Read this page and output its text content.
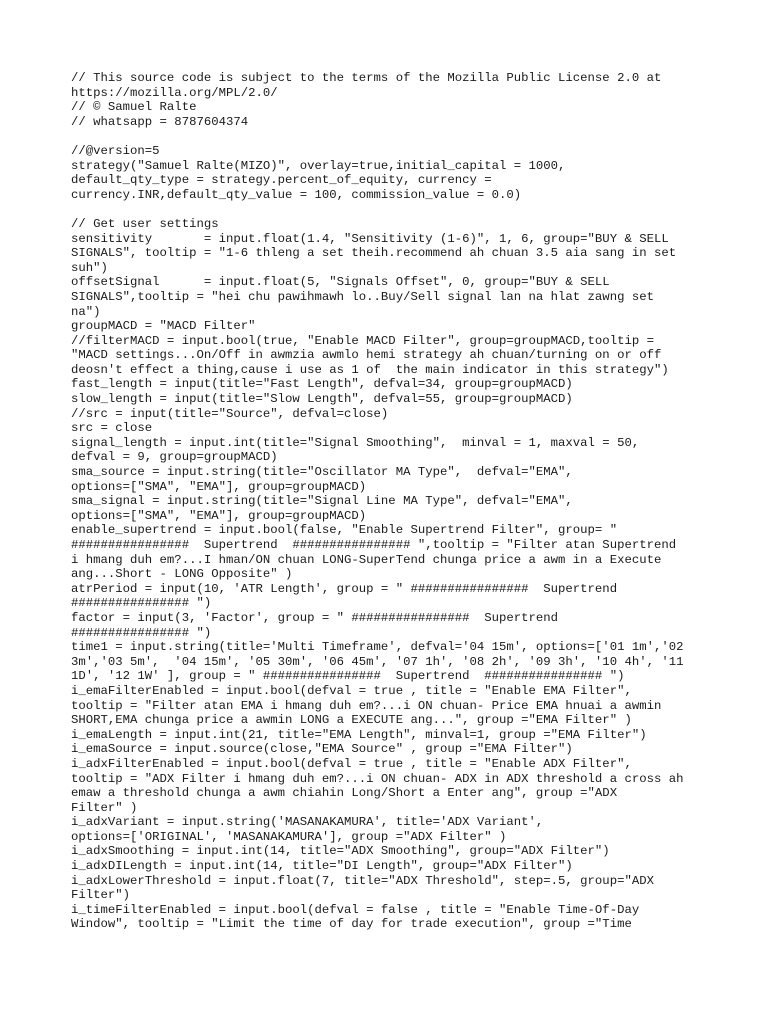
// This source code is subject to the terms of the Mozilla Public License 2.0 at
https://mozilla.org/MPL/2.0/
// © Samuel Ralte
// whatsapp = 8787604374
//@version=5
strategy("Samuel Ralte(MIZO)", overlay=true,initial_capital = 1000,
default_qty_type = strategy.percent_of_equity, currency =
currency.INR,default_qty_value = 100, commission_value = 0.0)
// Get user settings
sensitivity       = input.float(1.4, "Sensitivity (1-6)", 1, 6, group="BUY & SELL
SIGNALS", tooltip = "1-6 thleng a set theih.recommend ah chuan 3.5 aia sang in set
suh")
offsetSignal      = input.float(5, "Signals Offset", 0, group="BUY & SELL
SIGNALS",tooltip = "hei chu pawihmawh lo..Buy/Sell signal lan na hlat zawng set
na")
groupMACD = "MACD Filter"
//filterMACD = input.bool(true, "Enable MACD Filter", group=groupMACD,tooltip =
"MACD settings...On/Off in awmzia awmlo hemi strategy ah chuan/turning on or off
deosn't effect a thing,cause i use as 1 of  the main indicator in this strategy")
fast_length = input(title="Fast Length", defval=34, group=groupMACD)
slow_length = input(title="Slow Length", defval=55, group=groupMACD)
//src = input(title="Source", defval=close)
src = close
signal_length = input.int(title="Signal Smoothing",  minval = 1, maxval = 50,
defval = 9, group=groupMACD)
sma_source = input.string(title="Oscillator MA Type",  defval="EMA",
options=["SMA", "EMA"], group=groupMACD)
sma_signal = input.string(title="Signal Line MA Type", defval="EMA",
options=["SMA", "EMA"], group=groupMACD)
enable_supertrend = input.bool(false, "Enable Supertrend Filter", group= "
################  Supertrend  ################ ",tooltip = "Filter atan Supertrend
i hmang duh em?...I hman/ON chuan LONG-SuperTend chunga price a awm in a Execute
ang...Short - LONG Opposite" )
atrPeriod = input(10, 'ATR Length', group = " ################  Supertrend
################ ")
factor = input(3, 'Factor', group = " ################  Supertrend
################ ")
time1 = input.string(title='Multi Timeframe', defval='04 15m', options=['01 1m','02
3m','03 5m',  '04 15m', '05 30m', '06 45m', '07 1h', '08 2h', '09 3h', '10 4h', '11
1D', '12 1W' ], group = " ################  Supertrend  ################ ")
i_emaFilterEnabled = input.bool(defval = true , title = "Enable EMA Filter",
tooltip = "Filter atan EMA i hmang duh em?...i ON chuan- Price EMA hnuai a awmin
SHORT,EMA chunga price a awmin LONG a EXECUTE ang...", group ="EMA Filter" )
i_emaLength = input.int(21, title="EMA Length", minval=1, group ="EMA Filter")
i_emaSource = input.source(close,"EMA Source" , group ="EMA Filter")
i_adxFilterEnabled = input.bool(defval = true , title = "Enable ADX Filter",
tooltip = "ADX Filter i hmang duh em?...i ON chuan- ADX in ADX threshold a cross ah
emaw a threshold chunga a awm chiahin Long/Short a Enter ang", group ="ADX
Filter" )
i_adxVariant = input.string('MASANAKAMURA', title='ADX Variant',
options=['ORIGINAL', 'MASANAKAMURA'], group ="ADX Filter" )
i_adxSmoothing = input.int(14, title="ADX Smoothing", group="ADX Filter")
i_adxDILength = input.int(14, title="DI Length", group="ADX Filter")
i_adxLowerThreshold = input.float(7, title="ADX Threshold", step=.5, group="ADX
Filter")
i_timeFilterEnabled = input.bool(defval = false , title = "Enable Time-Of-Day
Window", tooltip = "Limit the time of day for trade execution", group ="Time
